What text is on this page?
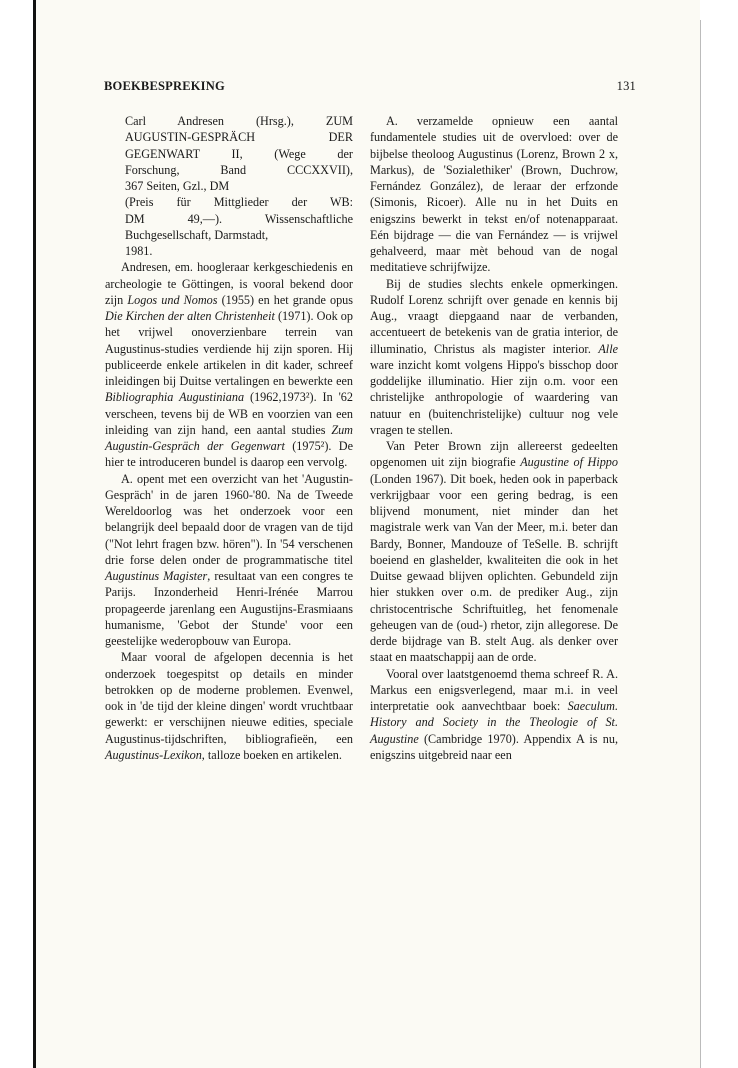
BOEKBESPREKING	131
Carl Andresen (Hrsg.), ZUM
AUGUSTIN-GESPRÄCH DER
GEGENWART II, (Wege der
Forschung, Band CCCXXVII),
367 Seiten, Gzl., DM
(Preis für Mittglieder der WB:
DM 49,—). Wissenschaftliche
Buchgesellschaft, Darmstadt,
1981.

Andresen, em. hoogleraar kerkgeschiedenis en archeologie te Göttingen, is vooral bekend door zijn Logos und Nomos (1955) en het grande opus Die Kirchen der alten Christenheit (1971). Ook op het vrijwel onoverzienbare terrein van Augustinus-studies verdiende hij zijn sporen. Hij publiceerde enkele artikelen in dit kader, schreef inleidingen bij Duitse vertalingen en bewerkte een Bibliographia Augustiniana (1962,1973²). In '62 verscheen, tevens bij de WB en voorzien van een inleiding van zijn hand, een aantal studies Zum Augustin-Gespräch der Gegenwart (1975²). De hier te introduceren bundel is daarop een vervolg.

A. opent met een overzicht van het 'Augustin-Gespräch' in de jaren 1960-'80. Na de Tweede Wereldoorlog was het onderzoek voor een belangrijk deel bepaald door de vragen van de tijd ("Not lehrt fragen bzw. hören"). In '54 verschenen drie forse delen onder de programmatische titel Augustinus Magister, resultaat van een congres te Parijs. Inzonderheid Henri-Irénée Marrou propageerde jarenlang een Augustijns-Erasmiaans humanisme, 'Gebot der Stunde' voor een geestelijke wederopbouw van Europa.

Maar vooral de afgelopen decennia is het onderzoek toegespitst op details en minder betrokken op de moderne problemen. Evenwel, ook in 'de tijd der kleine dingen' wordt vruchtbaar gewerkt: er verschijnen nieuwe edities, speciale Augustinus-tijdschriften, bibliografieën, een Augustinus-Lexikon, talloze boeken en artikelen.

A. verzamelde opnieuw een aantal fundamentele studies uit de overvloed: over de bijbelse theoloog Augustinus (Lorenz, Brown 2 x, Markus), de 'Sozialethiker' (Brown, Duchrow, Fernández González), de leraar der erfzonde (Simonis, Ricoer). Alle nu in het Duits en enigszins bewerkt in tekst en/of notenapparaat. Eén bijdrage — die van Fernández — is vrijwel gehalveerd, maar mèt behoud van de nogal meditatieve schrijfwijze.

Bij de studies slechts enkele opmerkingen. Rudolf Lorenz schrijft over genade en kennis bij Aug., vraagt diepgaand naar de verbanden, accentueert de betekenis van de gratia interior, de illuminatio, Christus als magister interior. Alle ware inzicht komt volgens Hippo's bisschop door goddelijke illuminatio. Hier zijn o.m. voor een christelijke anthropologie of waardering van natuur en (buitenchristelijke) cultuur nog vele vragen te stellen.

Van Peter Brown zijn allereerst gedeelten opgenomen uit zijn biografie Augustine of Hippo (Londen 1967). Dit boek, heden ook in paperback verkrijgbaar voor een gering bedrag, is een blijvend monument, niet minder dan het magistrale werk van Van der Meer, m.i. beter dan Bardy, Bonner, Mandouze of TeSelle. B. schrijft boeiend en glashelder, kwaliteiten die ook in het Duitse gewaad blijven oplichten. Gebundeld zijn hier stukken over o.m. de prediker Aug., zijn christocentrische Schriftuitleg, het fenomenale geheugen van de (oud-) rhetor, zijn allegorese. De derde bijdrage van B. stelt Aug. als denker over staat en maatschappij aan de orde.

Vooral over laatstgenoemd thema schreef R. A. Markus een enigsverlegend, maar m.i. in veel interpretatie ook aanvechtbaar boek: Saeculum. History and Society in the Theologie of St. Augustine (Cambridge 1970). Appendix A is nu, enigszins uitgebreid naar een
